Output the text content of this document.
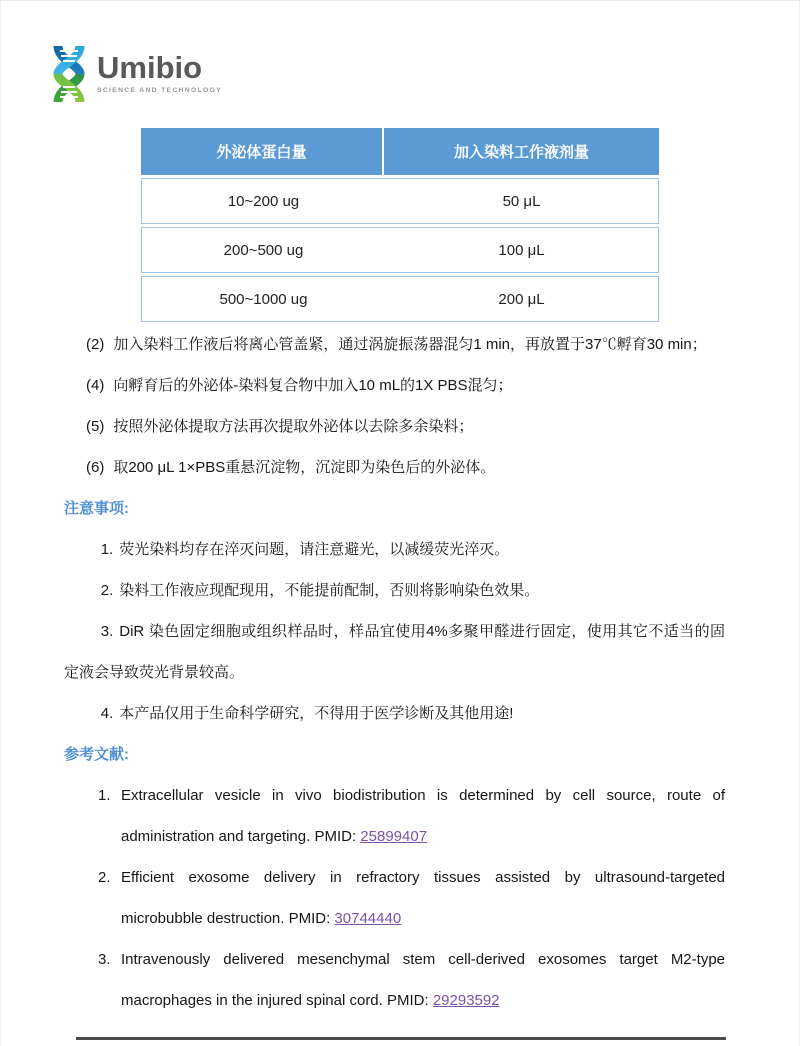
Umibio
SCIENCE AND TECHNOLOGY
外泌体蛋白量	加入染料工作液剂量
10~200 ug	50 μL
200~500 ug	100 μL
500~1000 ug	200 μL

(2) 加入染料工作液后将离心管盖紧，通过涡旋振荡器混匀1 min，再放置于37℃孵育30 min；

(4) 向孵育后的外泌体-染料复合物中加入10 mL的1X PBS混匀；

(5) 按照外泌体提取方法再次提取外泌体以去除多余染料；

(6) 取200 μL 1×PBS重悬沉淀物，沉淀即为染色后的外泌体。

注意事项:

1. 荧光染料均存在淬灭问题，请注意避光，以减缓荧光淬灭。

2. 染料工作液应现配现用，不能提前配制，否则将影响染色效果。

3. DiR 染色固定细胞或组织样品时，样品宜使用4%多聚甲醛进行固定，使用其它不适当的固定液会导致荧光背景较高。

4. 本产品仅用于生命科学研究，不得用于医学诊断及其他用途!

参考文献:

1. Extracellular vesicle in vivo biodistribution is determined by cell source, route of administration and targeting. PMID: 25899407
2. Efficient exosome delivery in refractory tissues assisted by ultrasound-targeted microbubble destruction. PMID: 30744440
3. Intravenously delivered mesenchymal stem cell-derived exosomes target M2-type macrophages in the injured spinal cord. PMID: 29293592
